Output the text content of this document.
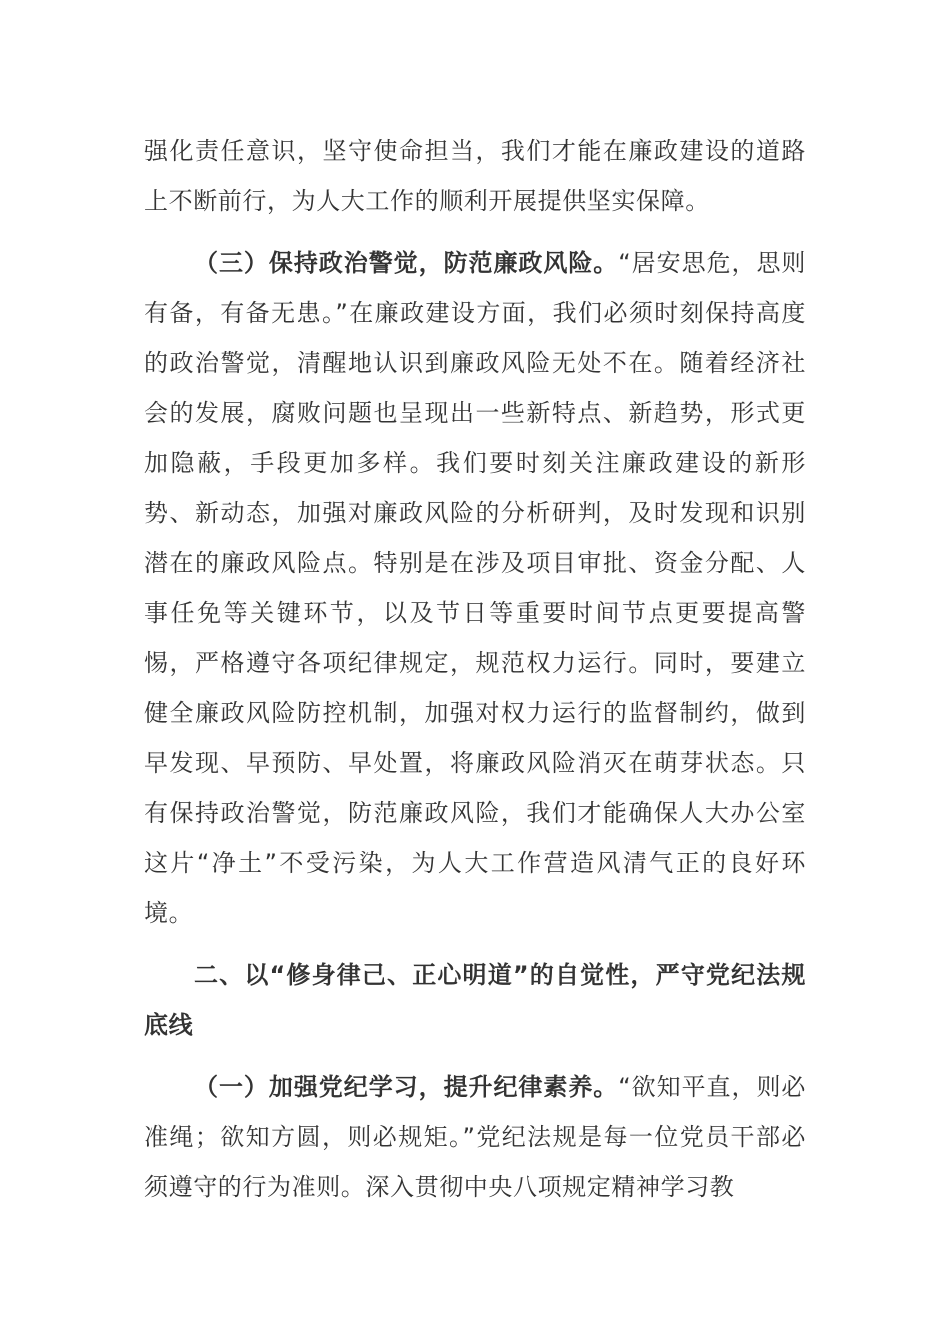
强化责任意识，坚守使命担当，我们才能在廉政建设的道路上不断前行，为人大工作的顺利开展提供坚实保障。

（三）保持政治警觉，防范廉政风险。“居安思危，思则有备，有备无患。”在廉政建设方面，我们必须时刻保持高度的政治警觉，清醒地认识到廉政风险无处不在。随着经济社会的发展，腐败问题也呈现出一些新特点、新趋势，形式更加隐蔽，手段更加多样。我们要时刻关注廉政建设的新形势、新动态，加强对廉政风险的分析研判，及时发现和识别潜在的廉政风险点。特别是在涉及项目审批、资金分配、人事任免等关键环节，以及节日等重要时间节点更要提高警惕，严格遵守各项纪律规定，规范权力运行。同时，要建立健全廉政风险防控机制，加强对权力运行的监督制约，做到早发现、早预防、早处置，将廉政风险消灭在萌芽状态。只有保持政治警觉，防范廉政风险，我们才能确保人大办公室这片“净土”不受污染，为人大工作营造风清气正的良好环境。

二、以“修身律己、正心明道”的自觉性，严守党纪法规底线

（一）加强党纪学习，提升纪律素养。“欲知平直，则必准绳；欲知方圆，则必规矩。”党纪法规是每一位党员干部必须遵守的行为准则。深入贯彻中央八项规定精神学习教
